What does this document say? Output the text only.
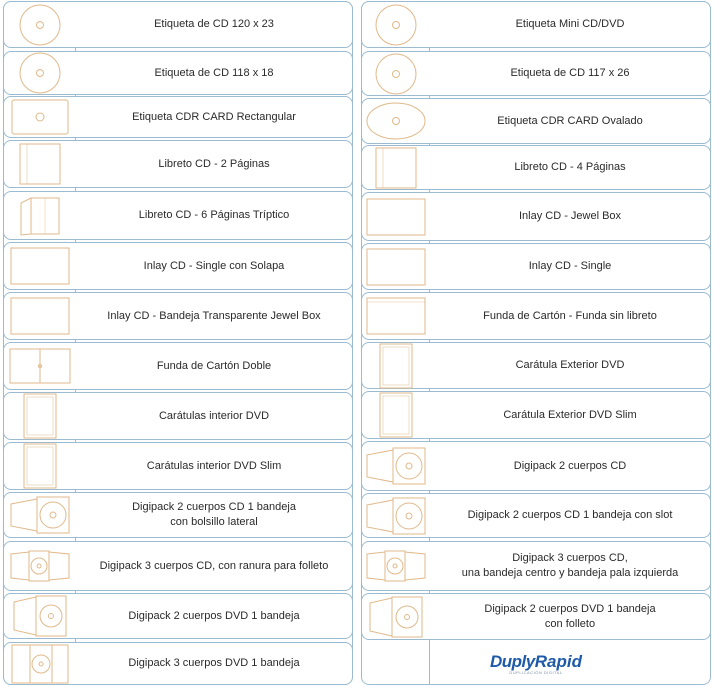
Etiqueta de CD 120 x 23
Etiqueta de CD 118 x 18
Etiqueta CDR CARD Rectangular
Libreto CD - 2 Páginas
Libreto CD - 6 Páginas Tríptico
Inlay CD - Single con Solapa
Inlay CD - Bandeja Transparente Jewel Box
Funda de Cartón Doble
Carátulas interior DVD
Carátulas interior DVD Slim
Digipack 2 cuerpos CD 1 bandeja
con bolsillo lateral
Digipack 3 cuerpos CD, con ranura para folleto
Digipack 2 cuerpos DVD 1 bandeja
Digipack 3 cuerpos DVD 1 bandeja
Etiqueta Mini CD/DVD
Etiqueta de CD 117 x 26
Etiqueta CDR CARD Ovalado
Libreto CD - 4 Páginas
Inlay CD - Jewel Box
Inlay CD - Single
Funda de Cartón - Funda sin libreto
Carátula Exterior DVD
Carátula Exterior DVD Slim
Digipack 2 cuerpos CD
Digipack 2 cuerpos CD 1 bandeja con slot
Digipack 3 cuerpos CD,
una bandeja centro y bandeja pala izquierda
Digipack 2 cuerpos DVD 1 bandeja
con folleto
DuplyRapid
DUPLICACIÓN DIGITAL
